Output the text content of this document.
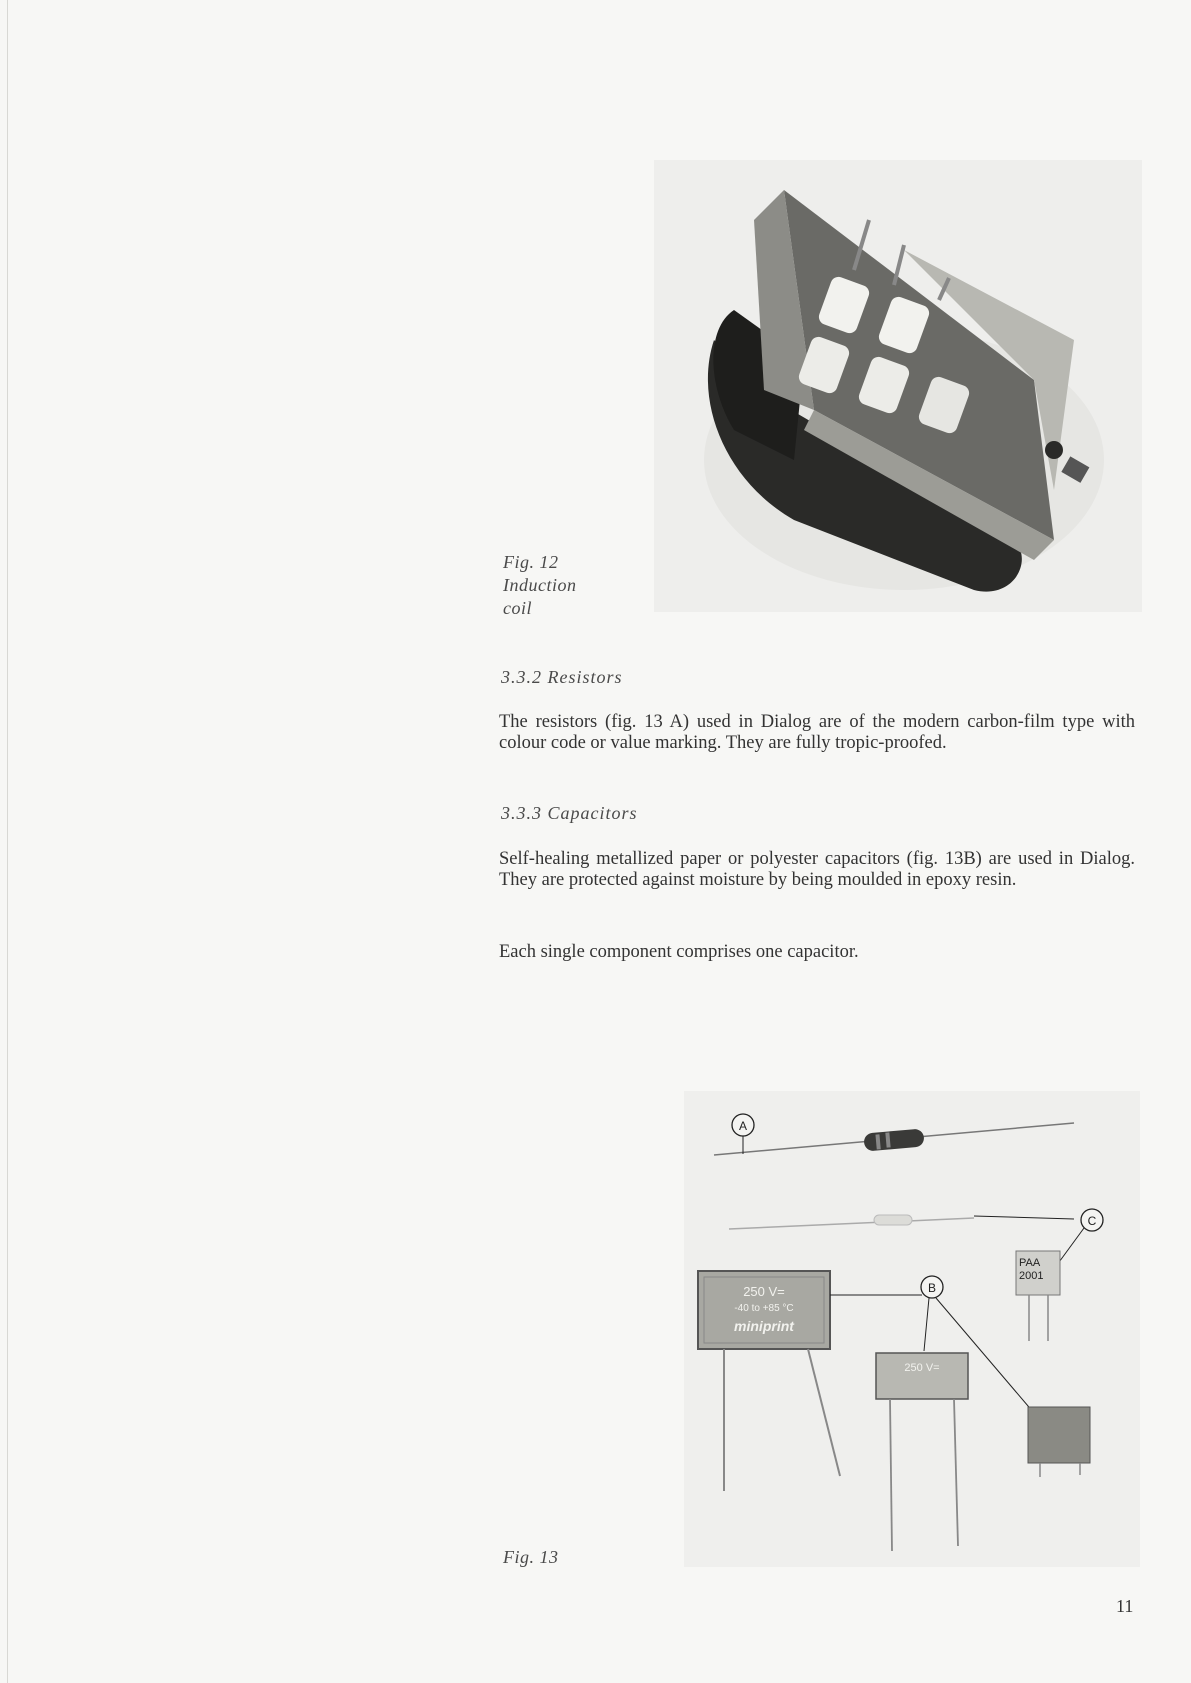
Fig. 12
Induction
coil
3.3.2 Resistors
The resistors (fig. 13 A) used in Dialog are of the modern carbon-film type with colour code or value marking. They are fully tropic-proofed.
3.3.3 Capacitors
Self-healing metallized paper or polyester capacitors (fig. 13B) are used in Dialog. They are protected against moisture by being moulded in epoxy resin.
Each single component comprises one capacitor.
A
C
PAA
2001
250 V=
-40 to +85 °C
miniprint
B
250 V=
Fig. 13
11
